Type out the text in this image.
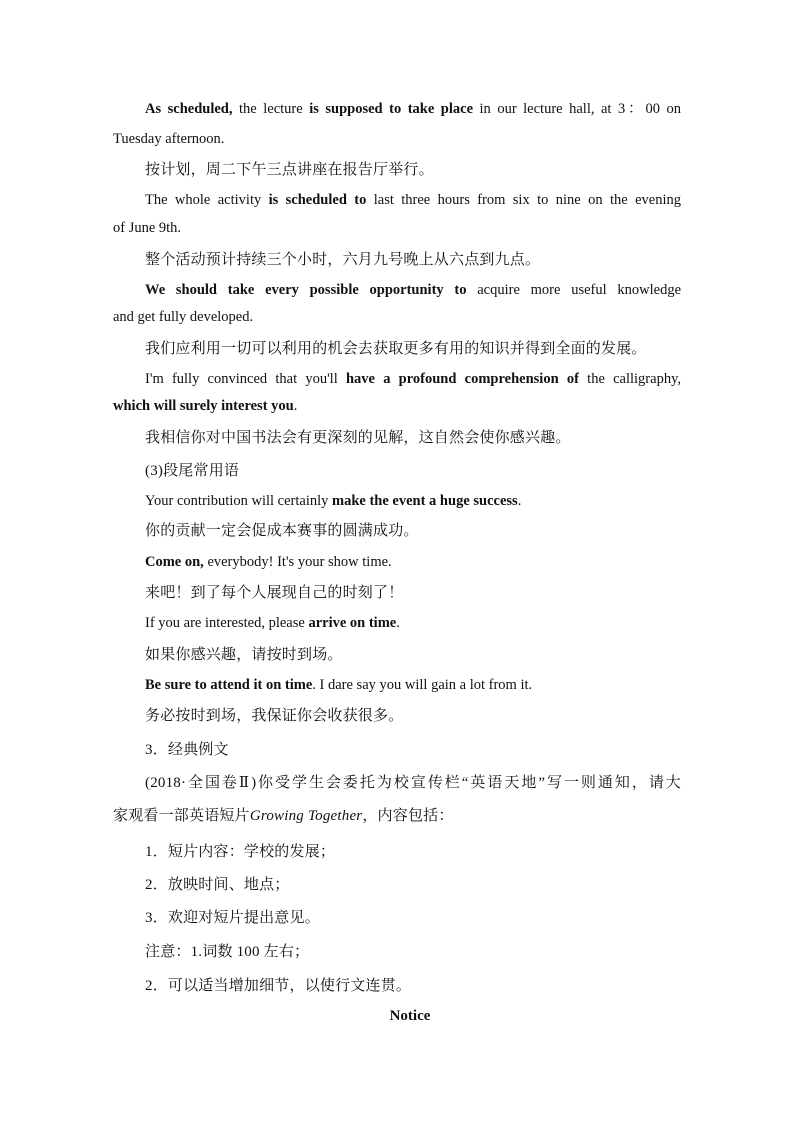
As scheduled, the lecture is supposed to take place in our lecture hall, at 3：00 on
Tuesday afternoon.
按计划，周二下午三点讲座在报告厅举行。
The whole activity is scheduled to last three hours from six to nine on the evening
of June 9th.
整个活动预计持续三个小时，六月九号晚上从六点到九点。
We should take every possible opportunity to acquire more useful knowledge
and get fully developed.
我们应利用一切可以利用的机会去获取更多有用的知识并得到全面的发展。
I'm fully convinced that you'll have a profound comprehension of the calligraphy,
which will surely interest you.
我相信你对中国书法会有更深刻的见解，这自然会使你感兴趣。
(3)段尾常用语
Your contribution will certainly make the event a huge success.
你的贡献一定会促成本赛事的圆满成功。
Come on, everybody! It's your show time.
来吧！到了每个人展现自己的时刻了！
If you are interested, please arrive on time.
如果你感兴趣，请按时到场。
Be sure to attend it on time. I dare say you will gain a lot from it.
务必按时到场，我保证你会收获很多。
3．经典例文
(2018·全国卷Ⅱ)你受学生会委托为校宣传栏“英语天地”写一则通知，请大
家观看一部英语短片Growing Together，内容包括：
1．短片内容：学校的发展；
2．放映时间、地点；
3．欢迎对短片提出意见。
注意：1.词数 100 左右；
2．可以适当增加细节，以使行文连贯。
Notice
